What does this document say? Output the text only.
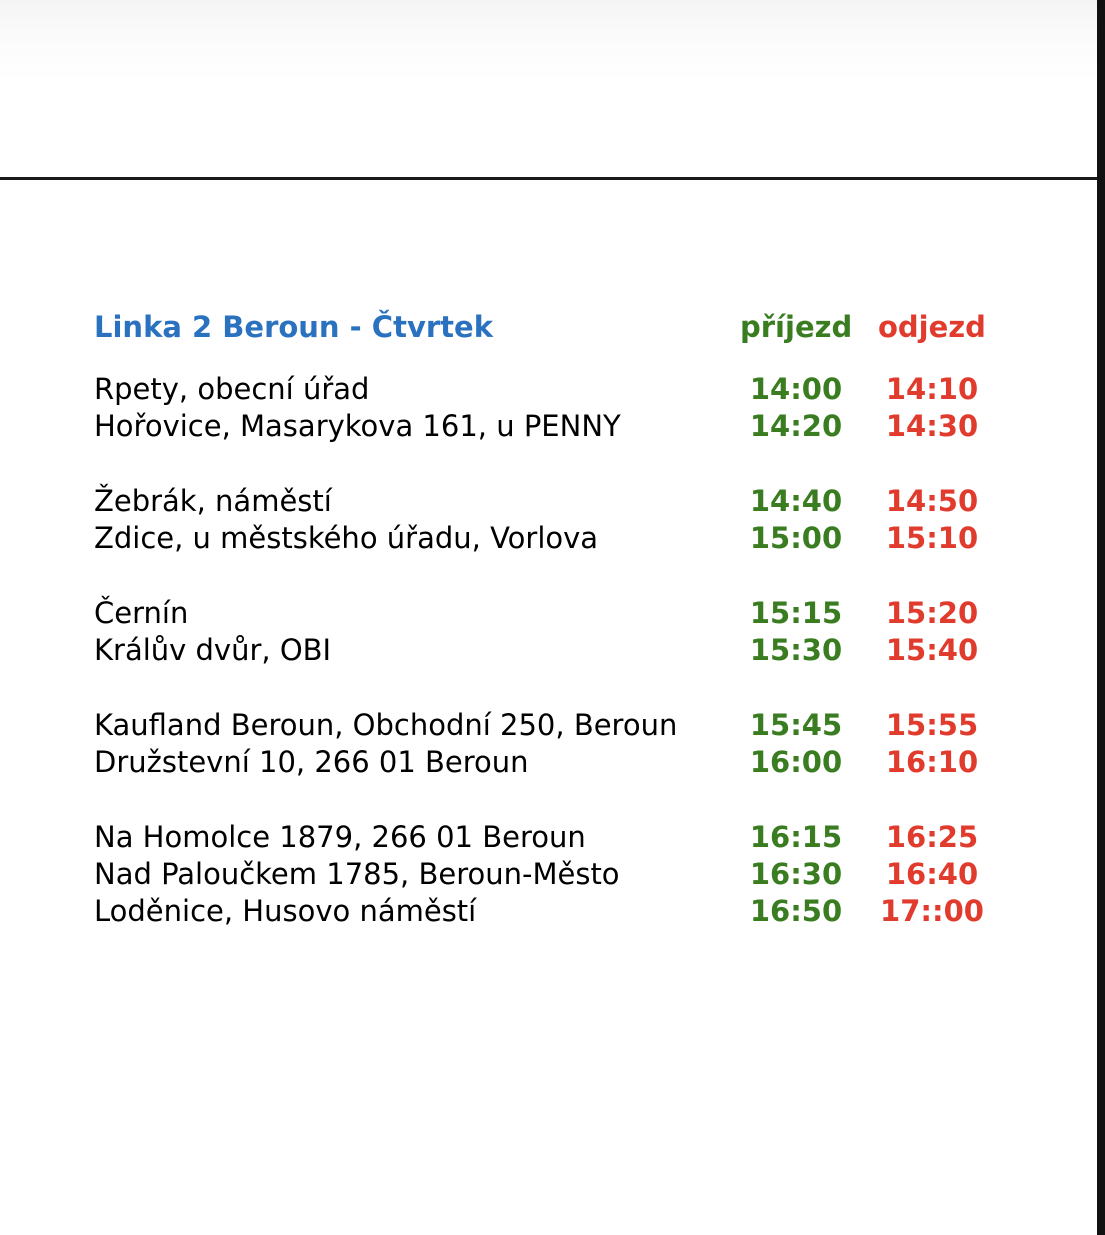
Linka 2 Beroun - Čtvrtek	příjezd odjezd
Rpety, obecní úřad	14:00	14:10
Hořovice, Masarykova 161, u PENNY	14:20	14:30
Žebrák, náměstí	14:40	14:50
Zdice, u městského úřadu, Vorlova	15:00	15:10
Černín	15:15	15:20
Králův dvůr, OBI	15:30	15:40
Kaufland Beroun, Obchodní 250, Beroun	15:45	15:55
Družstevní 10, 266 01 Beroun	16:00	16:10
Na Homolce 1879, 266 01 Beroun	16:15	16:25
Nad Paloučkem 1785, Beroun-Město	16:30	16:40
Loděnice, Husovo náměstí	16:50	17::00
